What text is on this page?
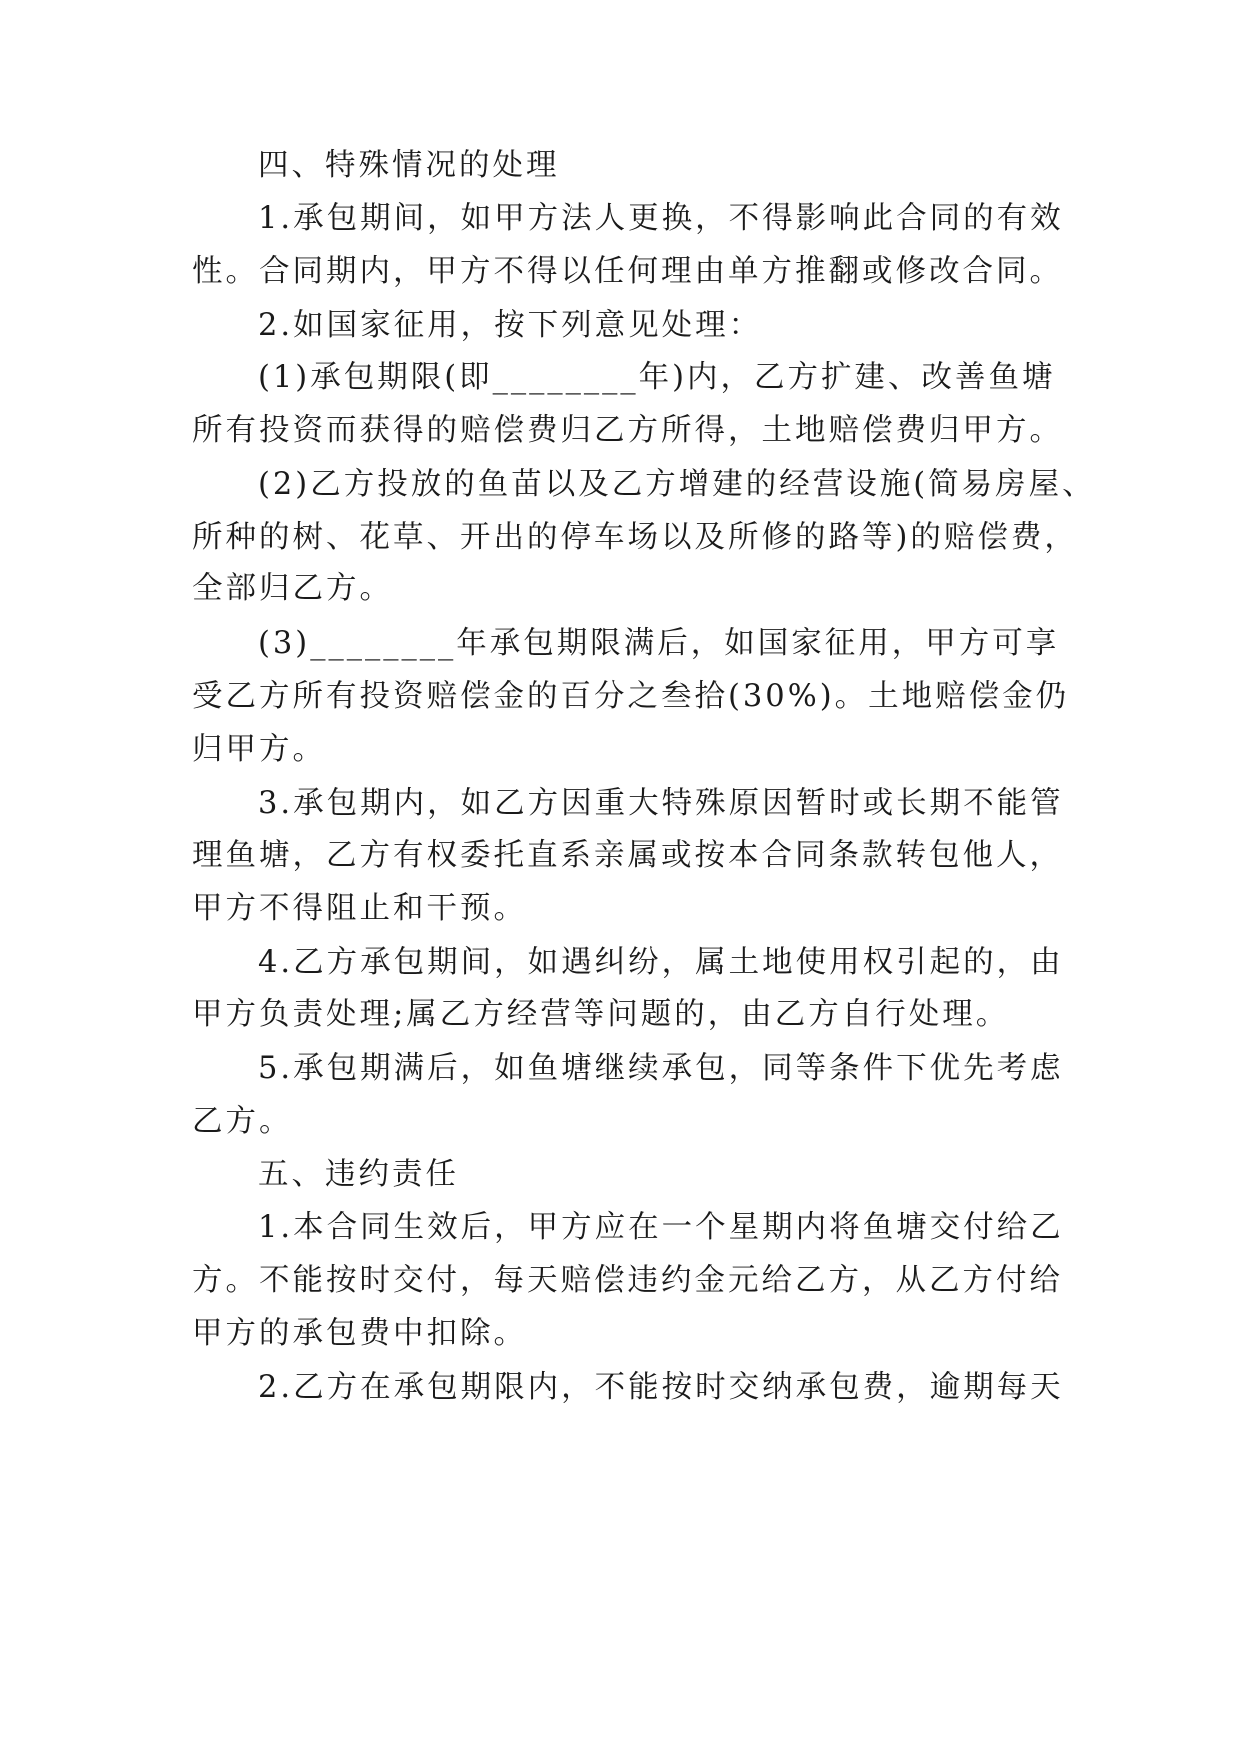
四、特殊情况的处理

1.承包期间，如甲方法人更换，不得影响此合同的有效

性。合同期内，甲方不得以任何理由单方推翻或修改合同。

2.如国家征用，按下列意见处理：

(1)承包期限(即________年)内，乙方扩建、改善鱼塘

所有投资而获得的赔偿费归乙方所得，土地赔偿费归甲方。

(2)乙方投放的鱼苗以及乙方增建的经营设施(简易房屋、

所种的树、花草、开出的停车场以及所修的路等)的赔偿费，

全部归乙方。

(3)________年承包期限满后，如国家征用，甲方可享

受乙方所有投资赔偿金的百分之叁拾(30%)。土地赔偿金仍

归甲方。

3.承包期内，如乙方因重大特殊原因暂时或长期不能管

理鱼塘，乙方有权委托直系亲属或按本合同条款转包他人，

甲方不得阻止和干预。

4.乙方承包期间，如遇纠纷，属土地使用权引起的，由

甲方负责处理;属乙方经营等问题的，由乙方自行处理。

5.承包期满后，如鱼塘继续承包，同等条件下优先考虑

乙方。

五、违约责任

1.本合同生效后，甲方应在一个星期内将鱼塘交付给乙

方。不能按时交付，每天赔偿违约金元给乙方，从乙方付给

甲方的承包费中扣除。

2.乙方在承包期限内，不能按时交纳承包费，逾期每天
